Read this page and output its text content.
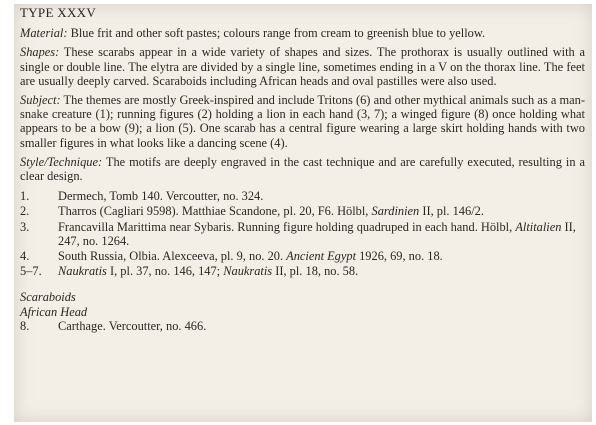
TYPE XXXV
Material: Blue frit and other soft pastes; colours range from cream to greenish blue to yellow.
Shapes: These scarabs appear in a wide variety of shapes and sizes. The prothorax is usually outlined with a single or double line. The elytra are divided by a single line, sometimes ending in a V on the thorax line. The feet are usually deeply carved. Scaraboids including African heads and oval pastilles were also used.
Subject: The themes are mostly Greek-inspired and include Tritons (6) and other mythical animals such as a man-snake creature (1); running figures (2) holding a lion in each hand (3, 7); a winged figure (8) once holding what appears to be a bow (9); a lion (5). One scarab has a central figure wearing a large skirt holding hands with two smaller figures in what looks like a dancing scene (4).
Style/Technique: The motifs are deeply engraved in the cast technique and are carefully executed, resulting in a clear design.
1.	Dermech, Tomb 140. Vercoutter, no. 324.
2.	Tharros (Cagliari 9598). Matthiae Scandone, pl. 20, F6. Hölbl, Sardinien II, pl. 146/2.
3.	Francavilla Marittima near Sybaris. Running figure holding quadruped in each hand. Hölbl, Altitalien II, 247, no. 1264.
4.	South Russia, Olbia. Alexceeva, pl. 9, no. 20. Ancient Egypt 1926, 69, no. 18.
5–7.	Naukratis I, pl. 37, no. 146, 147; Naukratis II, pl. 18, no. 58.
Scaraboids
African Head
8.	Carthage. Vercoutter, no. 466.
